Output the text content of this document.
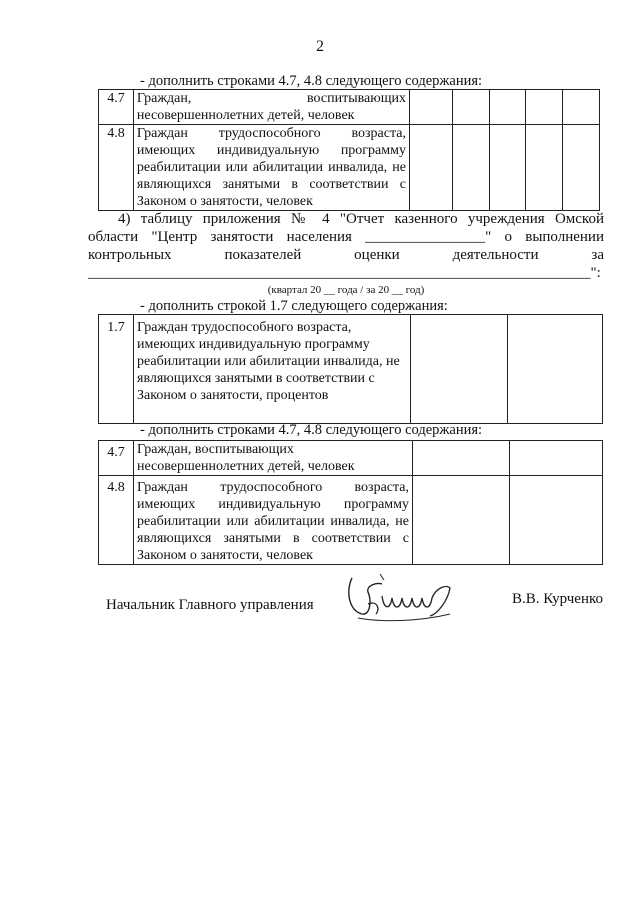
2
- дополнить строками 4.7, 4.8 следующего содержания:
4.7	Граждан, воспитывающих несовершеннолетних детей, человек					
4.8	Граждан трудоспособного возраста, имеющих индивидуальную программу реабилитации или абилитации инвалида, не являющихся занятыми в соответствии с Законом о занятости, человек					
4) таблицу приложения № 4 "Отчет казенного учреждения Омской
области "Центр занятости населения ________________" о выполнении
контрольных показателей оценки деятельности за
___________________________________________________________________":
(квартал 20 __ года / за 20 __ год)
- дополнить строкой 1.7 следующего содержания:
1.7	Граждан трудоспособного возраста, имеющих индивидуальную программу реабилитации или абилитации инвалида, не являющихся занятыми в соответствии с Законом о занятости, процентов		
- дополнить строками 4.7, 4.8 следующего содержания:
4.7	Граждан, воспитывающих несовершеннолетних детей, человек		
4.8	Граждан трудоспособного возраста, имеющих индивидуальную программу реабилитации или абилитации инвалида, не являющихся занятыми в соответствии с Законом о занятости, человек		
Начальник Главного управления	В.В. Курченко
